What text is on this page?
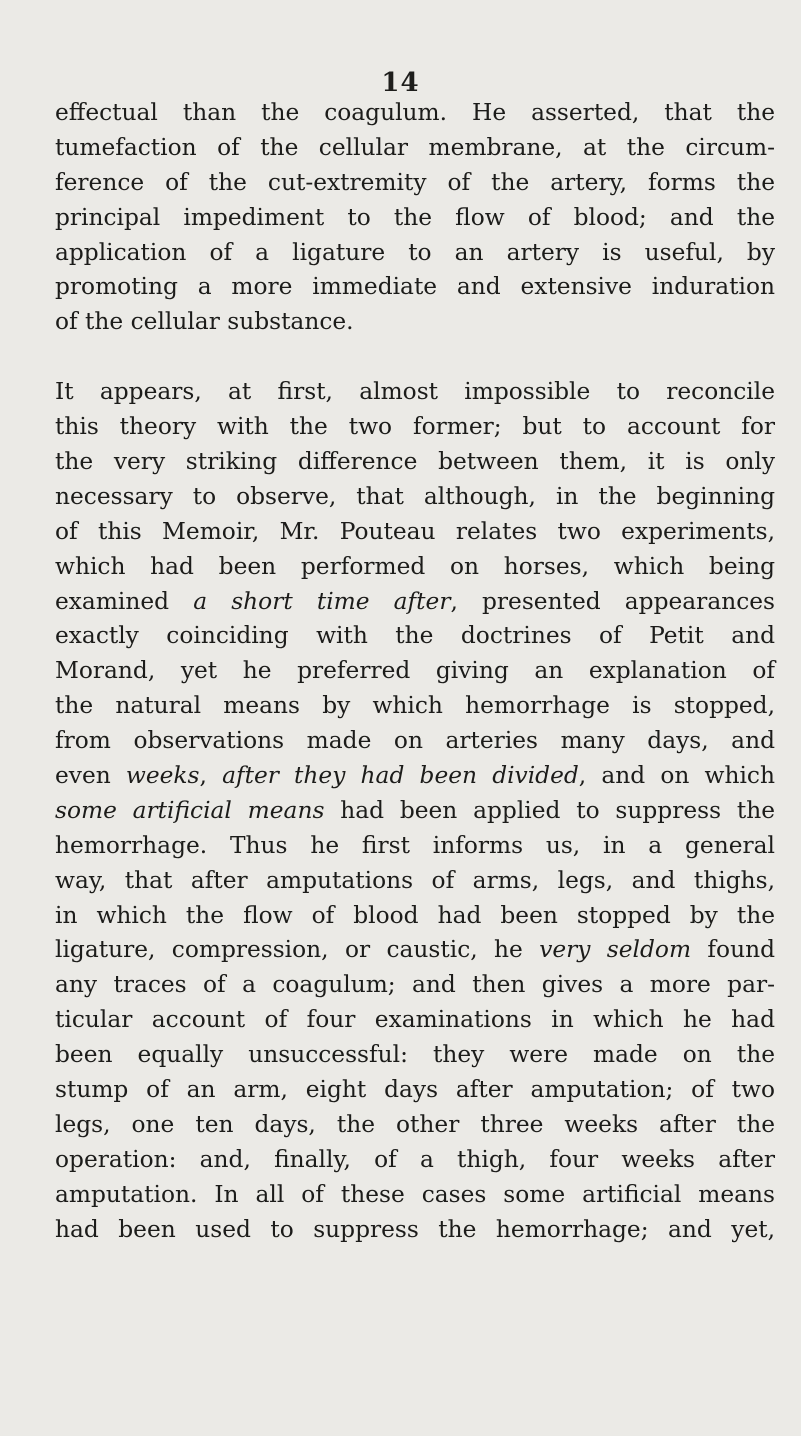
14
effectual than the coagulum. He asserted, that the
tumefaction of the cellular membrane, at the circum-
ference of the cut-extremity of the artery, forms the
principal impediment to the flow of blood; and the
application of a ligature to an artery is useful, by
promoting a more immediate and extensive induration
of the cellular substance.
It appears, at first, almost impossible to reconcile
this theory with the two former; but to account for
the very striking difference between them, it is only
necessary to observe, that although, in the beginning
of this Memoir, Mr. Pouteau relates two experiments,
which had been performed on horses, which being
examined a short time after, presented appearances
exactly coinciding with the doctrines of Petit and
Morand, yet he preferred giving an explanation of
the natural means by which hemorrhage is stopped,
from observations made on arteries many days, and
even weeks, after they had been divided, and on which
some artificial means had been applied to suppress the
hemorrhage. Thus he first informs us, in a general
way, that after amputations of arms, legs, and thighs,
in which the flow of blood had been stopped by the
ligature, compression, or caustic, he very seldom found
any traces of a coagulum; and then gives a more par-
ticular account of four examinations in which he had
been equally unsuccessful: they were made on the
stump of an arm, eight days after amputation; of two
legs, one ten days, the other three weeks after the
operation: and, finally, of a thigh, four weeks after
amputation. In all of these cases some artificial means
had been used to suppress the hemorrhage; and yet,
